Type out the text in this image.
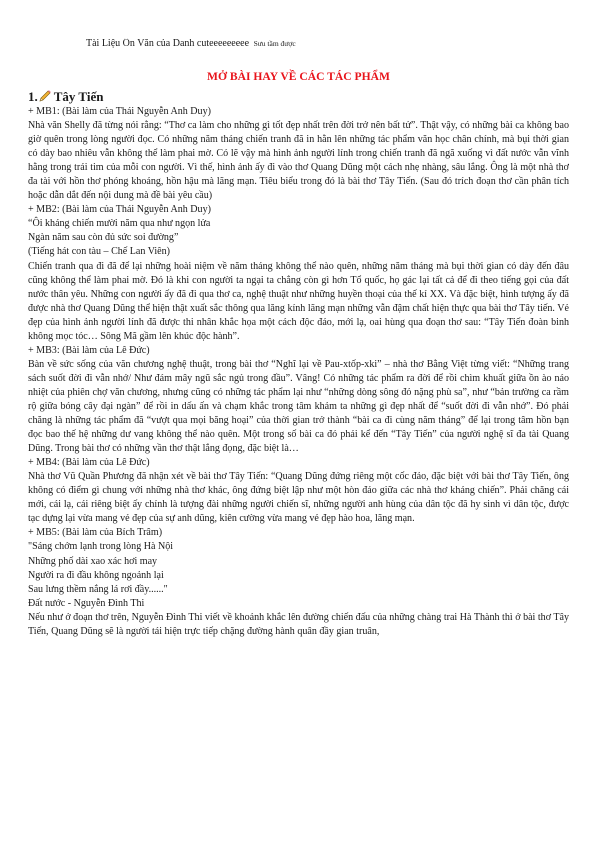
Tài Liệu Ôn Văn của Danh cuteeeeeeeee Sưu tầm được
MỞ BÀI HAY VỀ CÁC TÁC PHẨM
1. Tây Tiến

+ MB1: (Bài làm của Thái Nguyễn Anh Duy)

Nhà văn Shelly đã từng nói rằng: “Thơ ca làm cho những gì tốt đẹp nhất trên đời trở nên bất tử”. Thật vậy, có những bài ca không bao giờ quên trong lòng người đọc. Có những năm tháng chiến tranh đã in hằn lên những tác phẩm văn học chân chính, mà bụi thời gian có dày bao nhiêu vẫn không thể làm phai mờ. Có lẽ vậy mà hình ảnh người lính trong chiến tranh đã ngã xuống vì đất nước vẫn vĩnh hằng trong trái tim của mỗi con người. Vì thế, hình ảnh ấy đi vào thơ Quang Dũng một cách nhẹ nhàng, sâu lắng. Ông là một nhà thơ đa tài với hồn thơ phóng khoáng, hồn hậu mà lãng mạn. Tiêu biểu trong đó là bài thơ Tây Tiến. (Sau đó trích đoạn thơ cần phân tích hoặc dẫn dắt đến nội dung mà đề bài yêu cầu)

+ MB2: (Bài làm của Thái Nguyễn Anh Duy)

“Ôi kháng chiến mười năm qua như ngọn lửa

Ngàn năm sau còn đủ sức soi đường”

(Tiếng hát con tàu – Chế Lan Viên)

Chiến tranh qua đi đã để lại những hoài niệm về năm tháng không thể nào quên, những năm tháng mà bụi thời gian có dày đến đâu cũng không thể làm phai mờ. Đó là khi con người ta ngại ta chẳng còn gì hơn Tổ quốc, họ gác lại tất cả để đi theo tiếng gọi của đất nước thân yêu. Những con người ấy đã đi qua thơ ca, nghệ thuật như những huyền thoại của thế kỉ XX. Và đặc biệt, hình tượng ấy đã được nhà thơ Quang Dũng thể hiện thật xuất sắc thông qua lăng kính lãng mạn những vẫn đậm chất hiện thực qua bài thơ Tây tiến. Vẻ đẹp của hình ảnh người lính đã được thi nhân khắc họa một cách độc đáo, mới lạ, oai hùng qua đoạn thơ sau: “Tây Tiến đoàn binh không mọc tóc… Sông Mã gầm lên khúc độc hành”.

+ MB3: (Bài làm của Lê Đức)

Bàn về sức sống của văn chương nghệ thuật, trong bài thơ “Nghĩ lại về Pau-xtốp-xki” – nhà thơ Bằng Việt từng viết: “Những trang sách suốt đời đi vẫn nhớ/ Như đám mây ngũ sắc ngủ trong đầu”. Vâng! Có những tác phẩm ra đời để rồi chìm khuất giữa ồn ào náo nhiệt của phiên chợ văn chương, nhưng cũng có những tác phẩm lại như “những dòng sông đỏ nặng phù sa”, như “bản trường ca rầm rộ giữa bóng cây đại ngàn” để rồi in dấu ấn và chạm khắc trong tâm khảm ta những gì đẹp nhất để “suốt đời đi vẫn nhớ”. Đó phải chăng là những tác phẩm đã “vượt qua mọi băng hoại” của thời gian trở thành “bài ca đi cùng năm tháng” để lại trong tâm hồn bạn đọc bao thế hệ những dư vang không thể nào quên. Một trong số bài ca đó phải kể đến “Tây Tiến” của người nghệ sĩ đa tài Quang Dũng. Trong bài thơ có những vần thơ thật lắng đọng, đặc biệt là…

+ MB4: (Bài làm của Lê Đức)

Nhà thơ Vũ Quần Phương đã nhận xét về bài thơ Tây Tiến: “Quang Dũng đứng riêng một cốc đảo, đặc biệt với bài thơ Tây Tiến, ông không có điểm gì chung với những nhà thơ khác, ông đứng biệt lập như một hòn đảo giữa các nhà thơ kháng chiến”. Phải chăng cái mới, cái lạ, cái riêng biệt ấy chính là tượng đài những người chiến sĩ, những người anh hùng của dân tộc đã hy sinh vì dân tộc, được tạc dựng lại vừa mang vẻ đẹp của sự anh dũng, kiên cường vừa mang vẻ đẹp hào hoa, lãng mạn.

+ MB5: (Bài làm của Bích Trâm)

"Sáng chớm lạnh trong lòng Hà Nội

Những phố dài xao xác hơi may

Người ra đi đầu không ngoảnh lại

Sau lưng thềm nắng lá rơi đầy......"

Đất nước - Nguyễn Đình Thi

Nếu như ở đoạn thơ trên, Nguyễn Đình Thi viết về khoảnh khắc lên đường chiến đấu của những chàng trai Hà Thành thì ở bài thơ Tây Tiến, Quang Dũng sẽ là người tái hiện trực tiếp chặng đường hành quân đầy gian truân,
